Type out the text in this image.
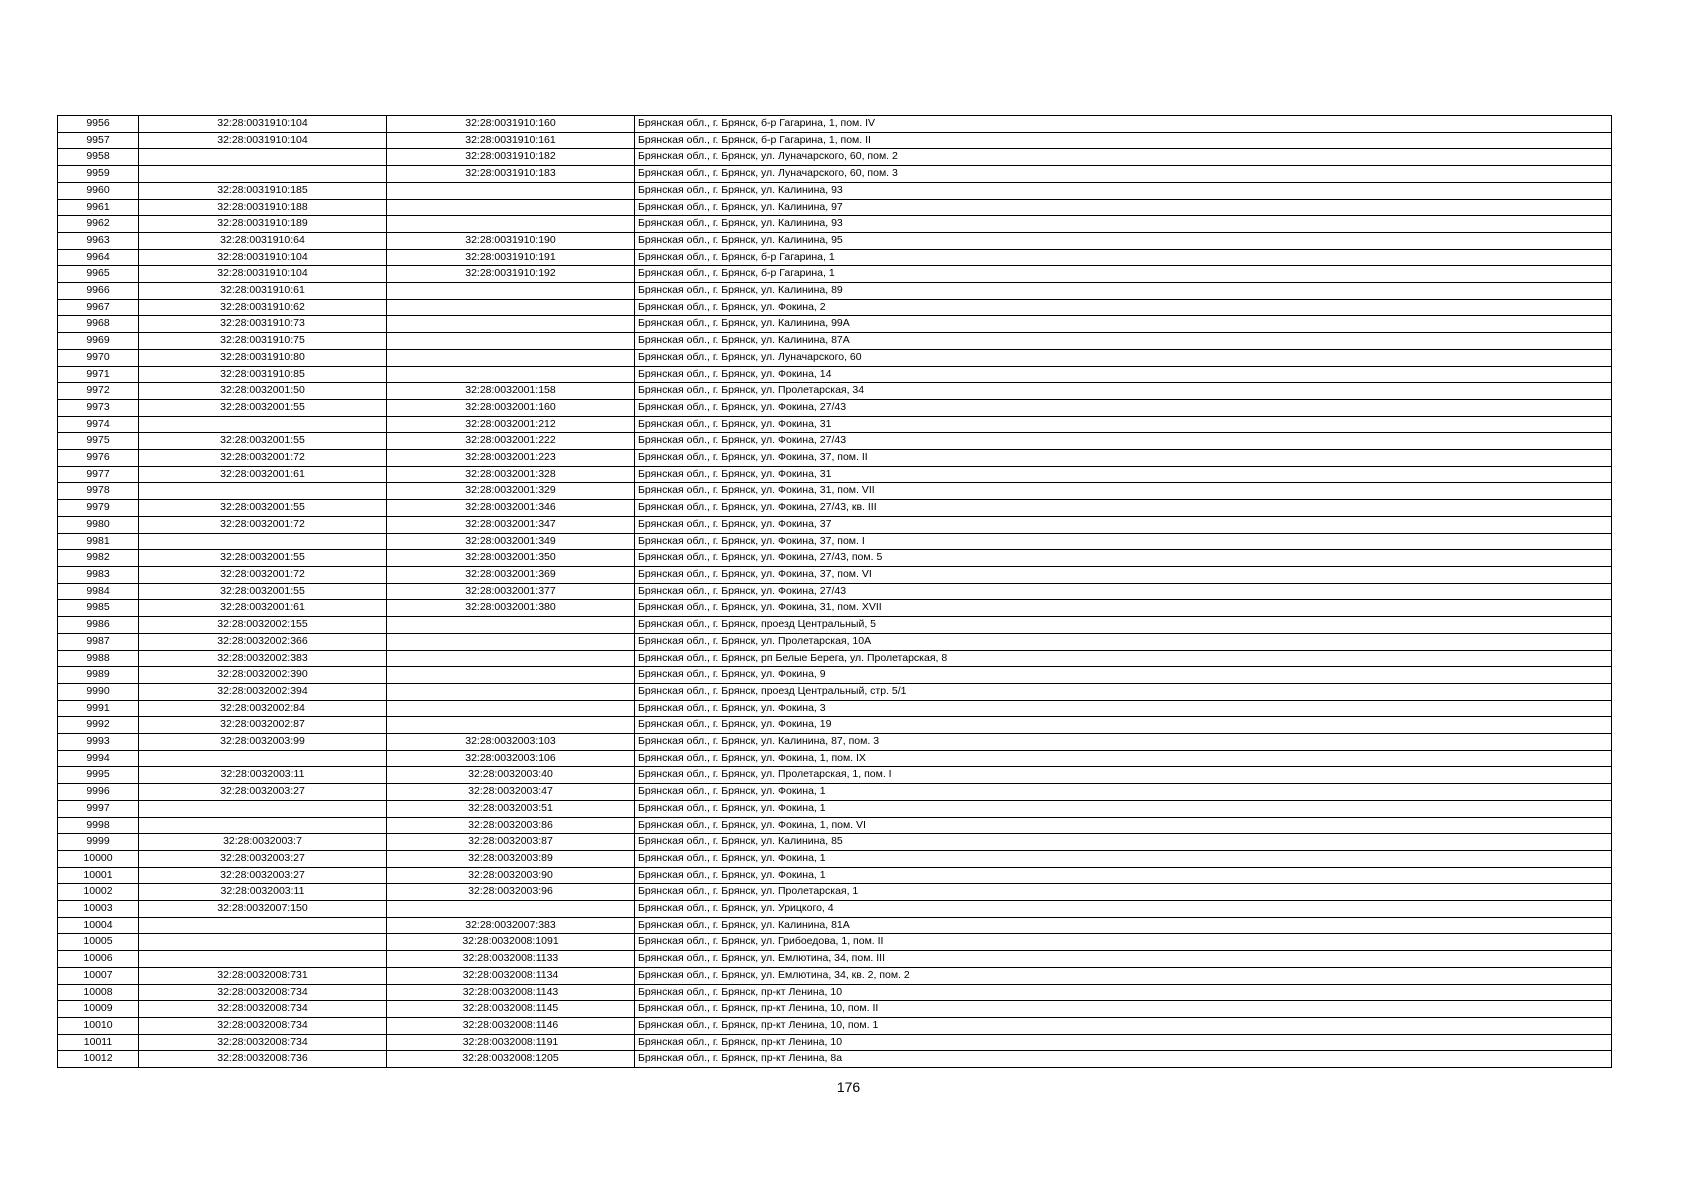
9956	32:28:0031910:104	32:28:0031910:160	Брянская обл., г. Брянск, б-р Гагарина, 1, пом. IV
9957	32:28:0031910:104	32:28:0031910:161	Брянская обл., г. Брянск, б-р Гагарина, 1, пом. II
9958		32:28:0031910:182	Брянская обл., г. Брянск, ул. Луначарского, 60, пом. 2
9959		32:28:0031910:183	Брянская обл., г. Брянск, ул. Луначарского, 60, пом. 3
9960	32:28:0031910:185		Брянская обл., г. Брянск, ул. Калинина, 93
9961	32:28:0031910:188		Брянская обл., г. Брянск, ул. Калинина, 97
9962	32:28:0031910:189		Брянская обл., г. Брянск, ул. Калинина, 93
9963	32:28:0031910:64	32:28:0031910:190	Брянская обл., г. Брянск, ул. Калинина, 95
9964	32:28:0031910:104	32:28:0031910:191	Брянская обл., г. Брянск, б-р Гагарина, 1
9965	32:28:0031910:104	32:28:0031910:192	Брянская обл., г. Брянск, б-р Гагарина, 1
9966	32:28:0031910:61		Брянская обл., г. Брянск, ул. Калинина, 89
9967	32:28:0031910:62		Брянская обл., г. Брянск, ул. Фокина, 2
9968	32:28:0031910:73		Брянская обл., г. Брянск, ул. Калинина, 99А
9969	32:28:0031910:75		Брянская обл., г. Брянск, ул. Калинина, 87А
9970	32:28:0031910:80		Брянская обл., г. Брянск, ул. Луначарского, 60
9971	32:28:0031910:85		Брянская обл., г. Брянск, ул. Фокина, 14
9972	32:28:0032001:50	32:28:0032001:158	Брянская обл., г. Брянск, ул. Пролетарская, 34
9973	32:28:0032001:55	32:28:0032001:160	Брянская обл., г. Брянск, ул. Фокина, 27/43
9974		32:28:0032001:212	Брянская обл., г. Брянск, ул. Фокина, 31
9975	32:28:0032001:55	32:28:0032001:222	Брянская обл., г. Брянск, ул. Фокина, 27/43
9976	32:28:0032001:72	32:28:0032001:223	Брянская обл., г. Брянск, ул. Фокина, 37, пом. II
9977	32:28:0032001:61	32:28:0032001:328	Брянская обл., г. Брянск, ул. Фокина, 31
9978		32:28:0032001:329	Брянская обл., г. Брянск, ул. Фокина, 31, пом. VII
9979	32:28:0032001:55	32:28:0032001:346	Брянская обл., г. Брянск, ул. Фокина, 27/43, кв. III
9980	32:28:0032001:72	32:28:0032001:347	Брянская обл., г. Брянск, ул. Фокина, 37
9981		32:28:0032001:349	Брянская обл., г. Брянск, ул. Фокина, 37, пом. I
9982	32:28:0032001:55	32:28:0032001:350	Брянская обл., г. Брянск, ул. Фокина, 27/43, пом. 5
9983	32:28:0032001:72	32:28:0032001:369	Брянская обл., г. Брянск, ул. Фокина, 37, пом. VI
9984	32:28:0032001:55	32:28:0032001:377	Брянская обл., г. Брянск, ул. Фокина, 27/43
9985	32:28:0032001:61	32:28:0032001:380	Брянская обл., г. Брянск, ул. Фокина, 31, пом. XVII
9986	32:28:0032002:155		Брянская обл., г. Брянск, проезд Центральный, 5
9987	32:28:0032002:366		Брянская обл., г. Брянск, ул. Пролетарская, 10А
9988	32:28:0032002:383		Брянская обл., г. Брянск, рп Белые Берега, ул. Пролетарская, 8
9989	32:28:0032002:390		Брянская обл., г. Брянск, ул. Фокина, 9
9990	32:28:0032002:394		Брянская обл., г. Брянск, проезд Центральный, стр. 5/1
9991	32:28:0032002:84		Брянская обл., г. Брянск, ул. Фокина, 3
9992	32:28:0032002:87		Брянская обл., г. Брянск, ул. Фокина, 19
9993	32:28:0032003:99	32:28:0032003:103	Брянская обл., г. Брянск, ул. Калинина, 87, пом. 3
9994		32:28:0032003:106	Брянская обл., г. Брянск, ул. Фокина, 1, пом. IX
9995	32:28:0032003:11	32:28:0032003:40	Брянская обл., г. Брянск, ул. Пролетарская, 1, пом. I
9996	32:28:0032003:27	32:28:0032003:47	Брянская обл., г. Брянск, ул. Фокина, 1
9997		32:28:0032003:51	Брянская обл., г. Брянск, ул. Фокина, 1
9998		32:28:0032003:86	Брянская обл., г. Брянск, ул. Фокина, 1, пом. VI
9999	32:28:0032003:7	32:28:0032003:87	Брянская обл., г. Брянск, ул. Калинина, 85
10000	32:28:0032003:27	32:28:0032003:89	Брянская обл., г. Брянск, ул. Фокина, 1
10001	32:28:0032003:27	32:28:0032003:90	Брянская обл., г. Брянск, ул. Фокина, 1
10002	32:28:0032003:11	32:28:0032003:96	Брянская обл., г. Брянск, ул. Пролетарская, 1
10003	32:28:0032007:150		Брянская обл., г. Брянск, ул. Урицкого, 4
10004		32:28:0032007:383	Брянская обл., г. Брянск, ул. Калинина, 81А
10005		32:28:0032008:1091	Брянская обл., г. Брянск, ул. Грибоедова, 1, пом. II
10006		32:28:0032008:1133	Брянская обл., г. Брянск, ул. Емлютина, 34, пом. III
10007	32:28:0032008:731	32:28:0032008:1134	Брянская обл., г. Брянск, ул. Емлютина, 34, кв. 2, пом. 2
10008	32:28:0032008:734	32:28:0032008:1143	Брянская обл., г. Брянск, пр-кт Ленина, 10
10009	32:28:0032008:734	32:28:0032008:1145	Брянская обл., г. Брянск, пр-кт Ленина, 10, пом. II
10010	32:28:0032008:734	32:28:0032008:1146	Брянская обл., г. Брянск, пр-кт Ленина, 10, пом. 1
10011	32:28:0032008:734	32:28:0032008:1191	Брянская обл., г. Брянск, пр-кт Ленина, 10
10012	32:28:0032008:736	32:28:0032008:1205	Брянская обл., г. Брянск, пр-кт Ленина, 8а
176
